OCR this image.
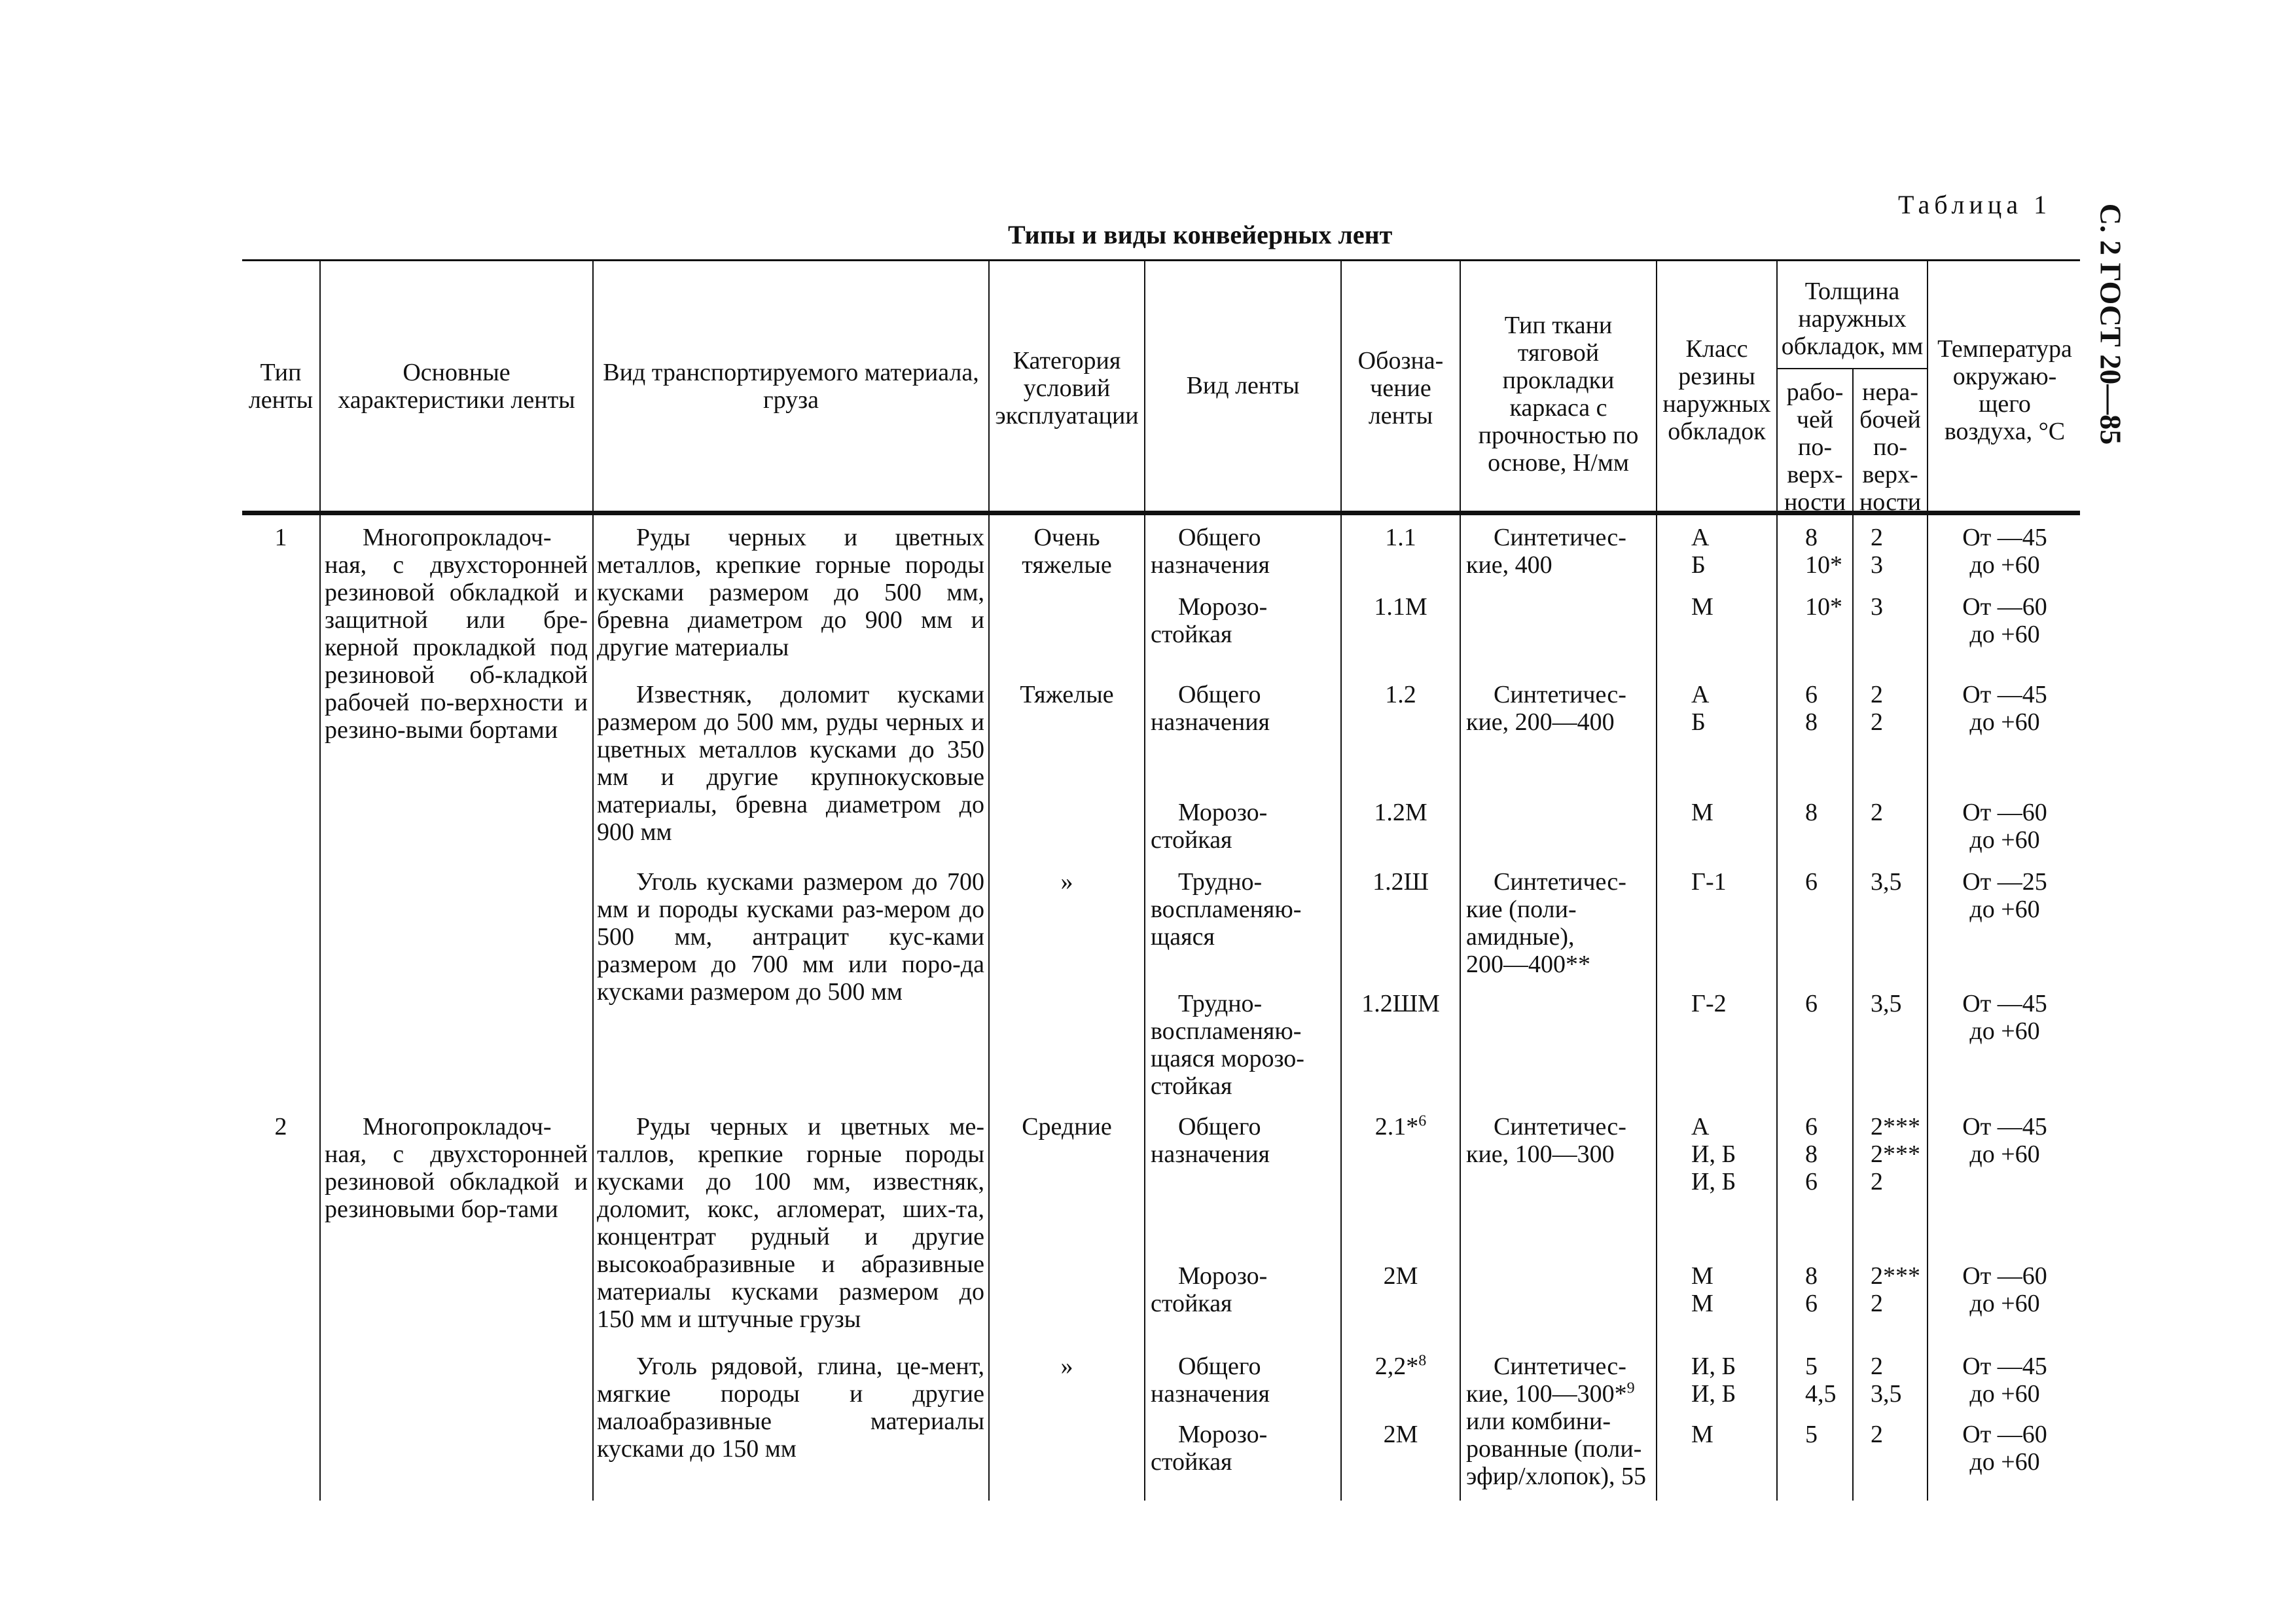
С. 2 ГОСТ 20—85
Таблица 1
Типы и виды конвейерных лент
Тип
ленты
Основные
характеристики ленты
Вид транспортируемого материала,
груза
Категория
условий
эксплуатации
Вид ленты
Обозна-
чение
ленты
Тип ткани
тяговой
прокладки
каркаса с
прочностью по
основе, Н/мм
Класс
резины
наружных
обкладок
Толщина
наружных
обкладок, мм
рабо-
чей
по-
верх-
ности
нера-
бочей
по-
верх-
ности
Температура
окружаю-
щего
воздуха, °С
1	Многопрокладоч-ная, с двухсторонней резиновой обкладкой и защитной или бре-керной прокладкой под резиновой об-кладкой рабочей по-верхности и резино-выми бортами
Руды черных и цветных металлов, крепкие горные породы кусками размером до 500 мм, бревна диаметром до 900 мм и другие материалы
Известняк, доломит кусками размером до 500 мм, руды черных и цветных металлов кусками до 350 мм и другие крупнокусковые материалы, бревна диаметром до 900 мм
Уголь кусками размером до 700 мм и породы кусками раз-мером до 500 мм, антрацит кус-ками размером до 700 мм или поро-да кусками размером до 500 мм
Очень
тяжелые
Тяжелые
»
Общего
назначения
Морозо-
стойкая
Общего
назначения
Морозо-
стойкая
Трудно-
воспламеняю-
щаяся
Трудно-
воспламеняю-
щаяся морозо-
стойкая
1.1
1.1М
1.2
1.2М
1.2Ш
1.2ШМ
Синтетичес-
кие, 400
Синтетичес-
кие, 200—400
Синтетичес-
кие (поли-
амидные),
200—400**
А
Б
М
А
Б
М
Г-1
Г-2
8
10*
10*
6
8
8
6
6
2
3
3
2
2
2
3,5
3,5
От —45
до +60
От —60
до +60
От —45
до +60
От —60
до +60
От —25
до +60
От —45
до +60
2	Многопрокладоч-ная, с двухсторонней резиновой обкладкой и резиновыми бор-тами
Руды черных и цветных ме-таллов, крепкие горные породы кусками до 100 мм, известняк, доломит, кокс, агломерат, ших-та, концентрат рудный и другие высокоабразивные и абразивные материалы кусками размером до 150 мм и штучные грузы
Уголь рядовой, глина, це-мент, мягкие породы и другие малоабразивные материалы кусками до 150 мм
Средние
»
Общего
назначения
Морозо-
стойкая
Общего
назначения
Морозо-
стойкая
2.1*$^6$
2М
2,2*$^8$
2М
Синтетичес-
кие, 100—300
Синтетичес-
кие, 100—300*$^9$
или комбини-
рованные (поли-
эфир/хлопок), 55
А
И, Б
И, Б
М
М
И, Б
И, Б
М
6
8
6
8
6
5
4,5
5
2***
2***
2
2***
2
2
3,5
2
От —45
до +60
От —60
до +60
От —45
до +60
От —60
до +60
